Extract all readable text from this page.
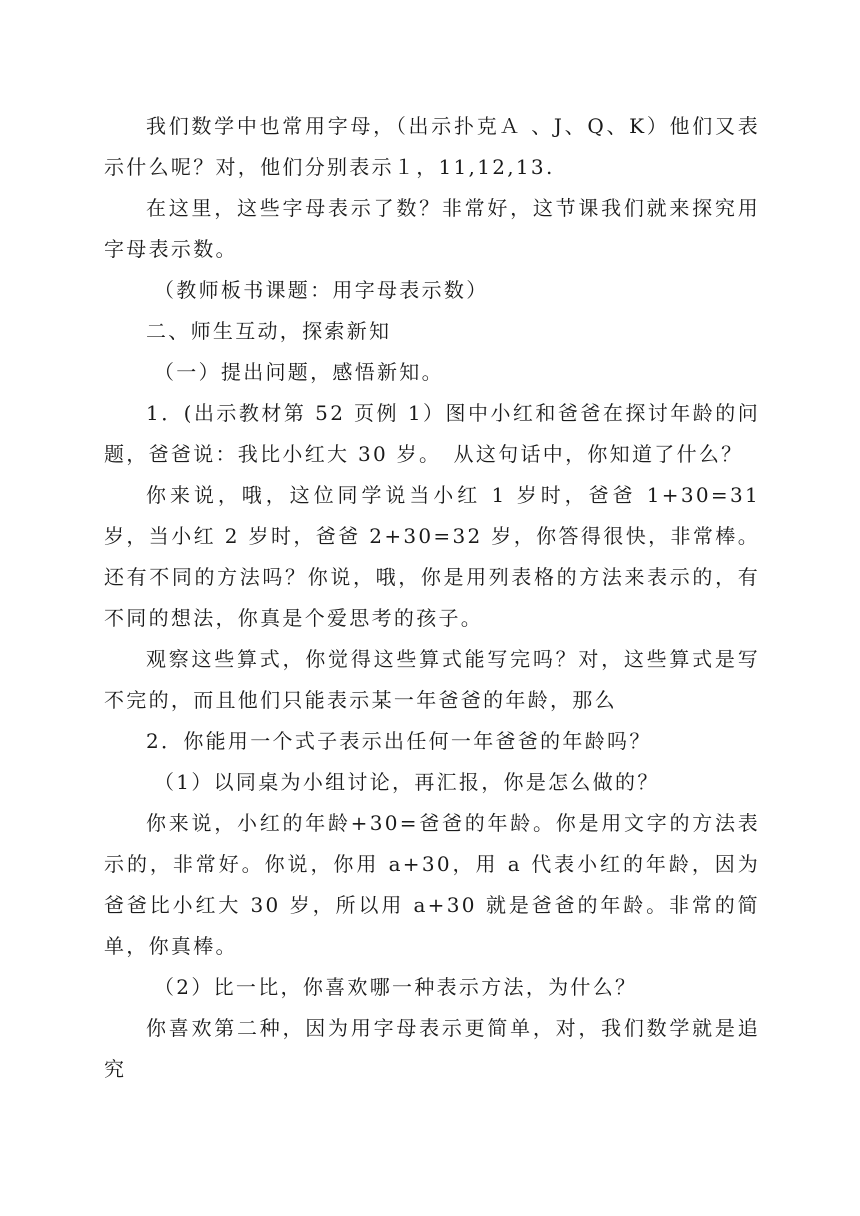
我们数学中也常用字母，（出示扑克Ａ 、J、Q、K）他们又表示什么呢？对，他们分别表示１，11,12,13.

在这里，这些字母表示了数？非常好，这节课我们就来探究用字母表示数。

（教师板书课题：用字母表示数）

二、师生互动，探索新知

（一）提出问题，感悟新知。

1．(出示教材第 52 页例 1）图中小红和爸爸在探讨年龄的问题，爸爸说：我比小红大 30 岁。　从这句话中，你知道了什么？

你来说，哦，这位同学说当小红 1 岁时，爸爸 1+30=31 岁，当小红 2 岁时，爸爸 2+30=32 岁，你答得很快，非常棒。还有不同的方法吗？你说，哦，你是用列表格的方法来表示的，有不同的想法，你真是个爱思考的孩子。

观察这些算式，你觉得这些算式能写完吗？对，这些算式是写不完的，而且他们只能表示某一年爸爸的年龄，那么

2．你能用一个式子表示出任何一年爸爸的年龄吗？

（1）以同桌为小组讨论，再汇报，你是怎么做的？

你来说，小红的年龄+30=爸爸的年龄。你是用文字的方法表示的，非常好。你说，你用 a+30，用 a 代表小红的年龄，因为爸爸比小红大 30 岁，所以用 a+30 就是爸爸的年龄。非常的简单，你真棒。

（2）比一比，你喜欢哪一种表示方法，为什么？

你喜欢第二种，因为用字母表示更简单，对，我们数学就是追究
